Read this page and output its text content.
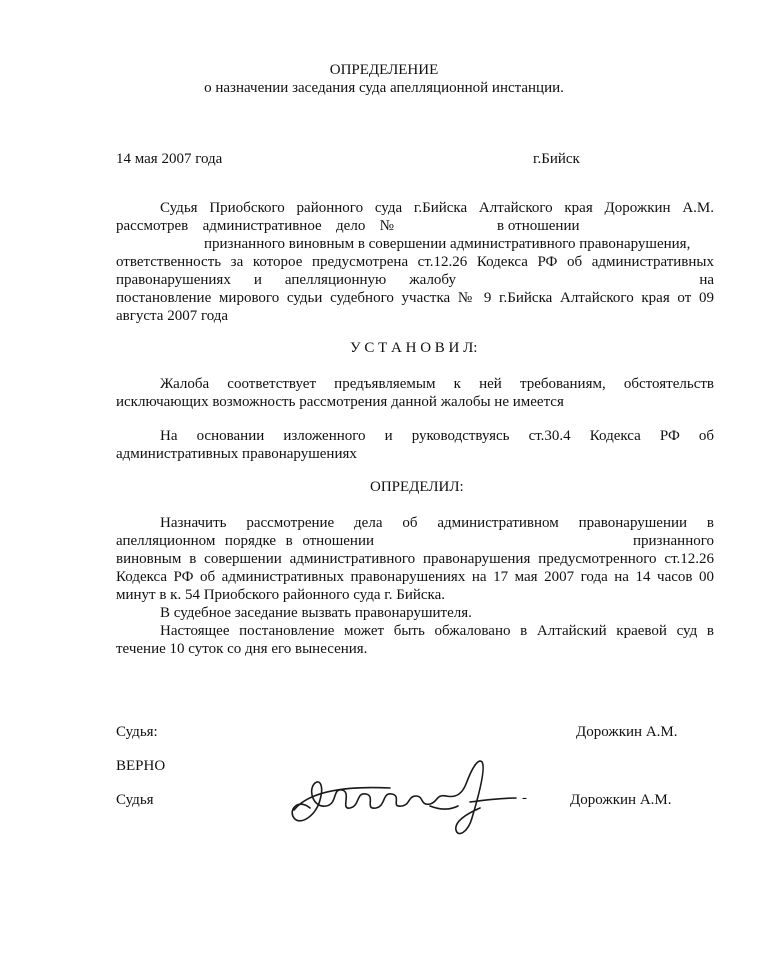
ОПРЕДЕЛЕНИЕ
о назначении заседания суда апелляционной инстанции.
14 мая 2007 года	г.Бийск
Судья Приобского районного суда г.Бийска Алтайского края Дорожкин А.М.
рассмотрев административное дело №	в отношении
признанного виновным в совершении административного правонарушения,
ответственность за которое предусмотрена ст.12.26 Кодекса РФ об административных
правонарушениях и апелляционную жалобу	на
постановление мирового судьи судебного участка № 9 г.Бийска Алтайского края от 09
августа 2007 года
У С Т А Н О В И Л:
Жалоба соответствует предъявляемым к ней требованиям, обстоятельств
исключающих возможность рассмотрения данной жалобы не имеется
На основании изложенного и руководствуясь ст.30.4 Кодекса РФ об
административных правонарушениях
ОПРЕДЕЛИЛ:
Назначить рассмотрение дела об административном правонарушении в
апелляционном порядке в отношении	признанного
виновным в совершении административного правонарушения предусмотренного ст.12.26
Кодекса РФ об административных правонарушениях на 17 мая 2007 года на 14 часов 00
минут в к. 54 Приобского районного суда г. Бийска.
В судебное заседание вызвать правонарушителя.
Настоящее постановление может быть обжаловано в Алтайский краевой суд в
течение 10 суток со дня его вынесения.
Судья:	Дорожкин А.М.
ВЕРНО
Судья	-	Дорожкин А.М.
